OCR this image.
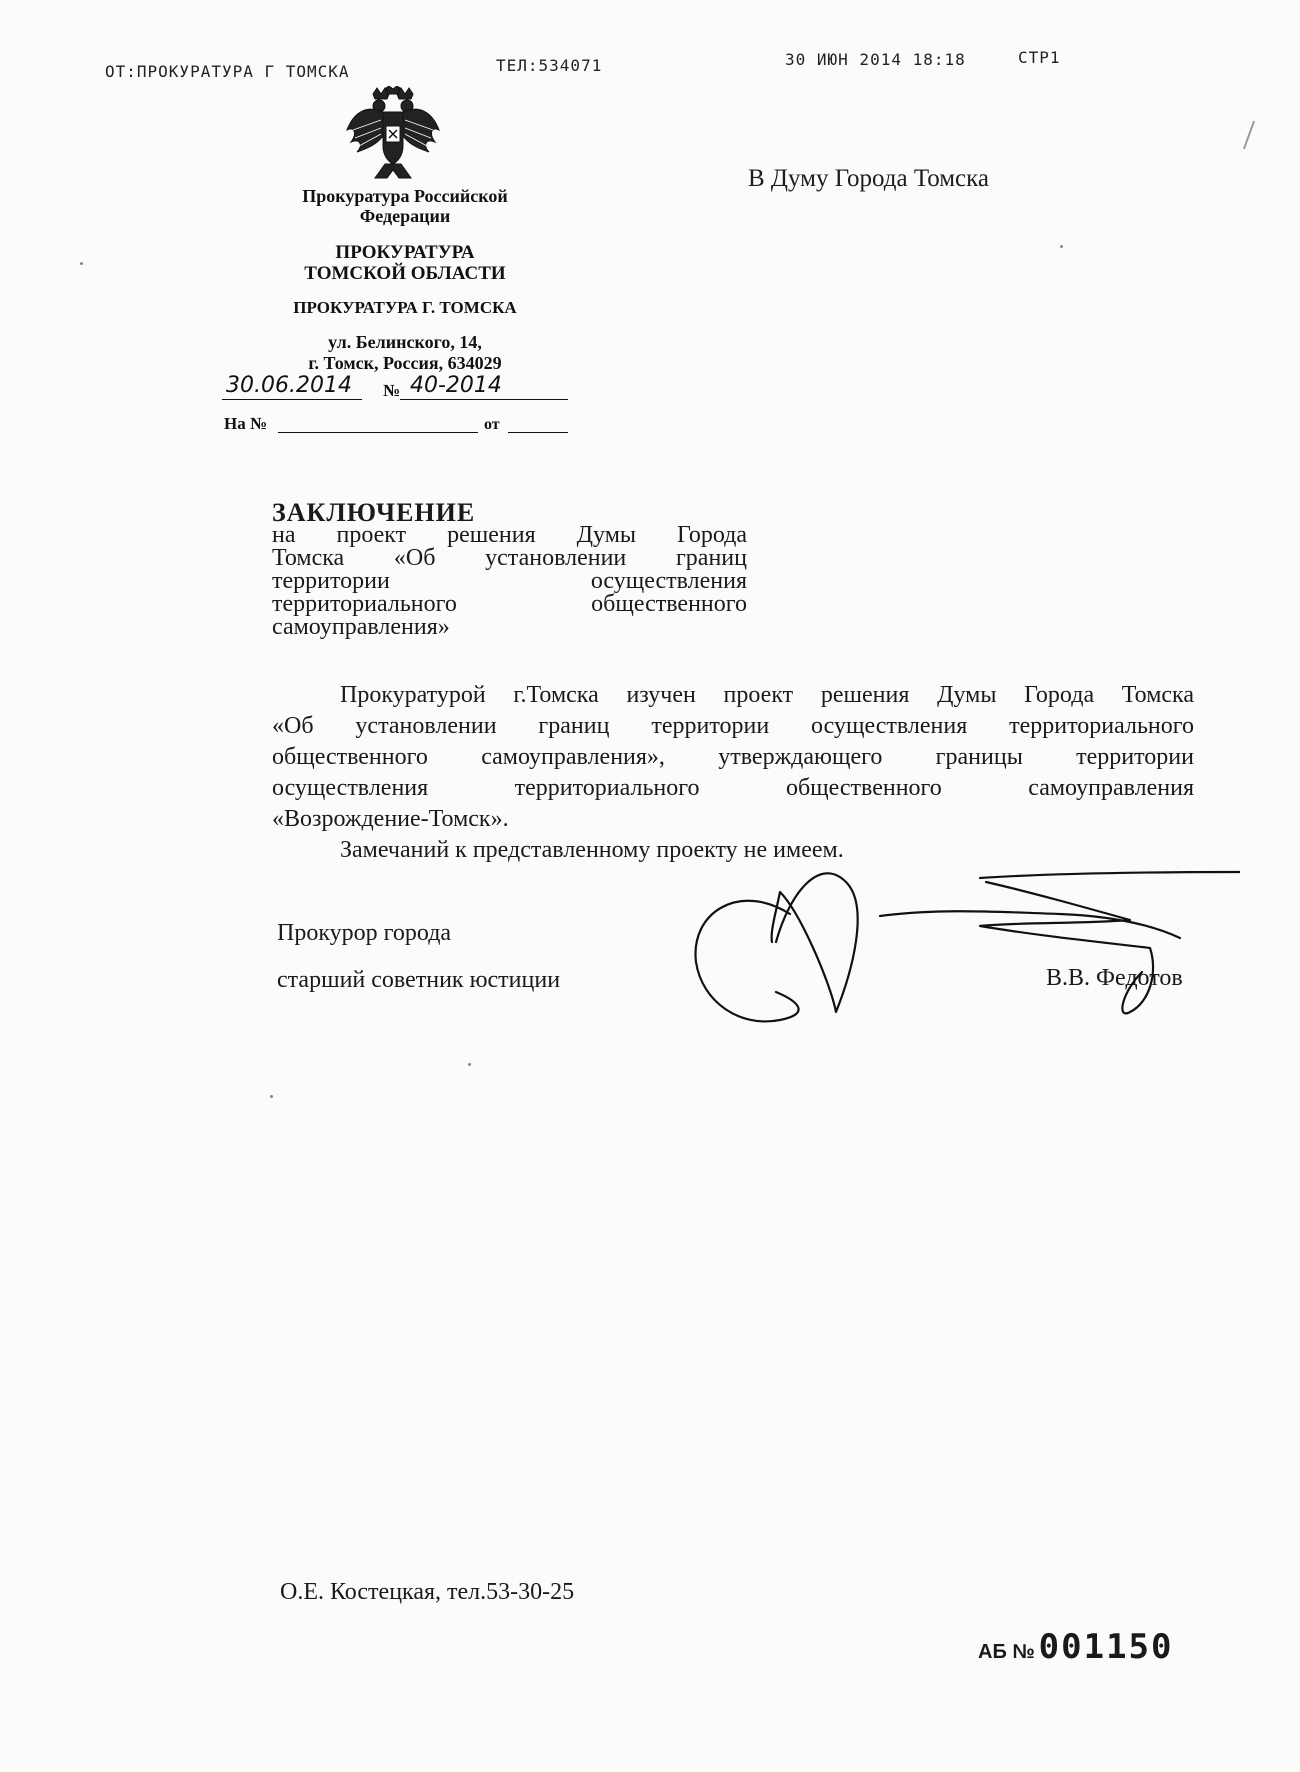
ОТ:ПРОКУРАТУРА Г ТОМСКА	ТЕЛ:534071	30 ИЮН 2014 18:18	СТР1
Прокуратура Российской
Федерации
ПРОКУРАТУРА
ТОМСКОЙ ОБЛАСТИ
ПРОКУРАТУРА Г. ТОМСКА
ул. Белинского, 14,
г. Томск, Россия, 634029
30.06.2014 № 40-2014
На №	от
В Думу Города Томска
ЗАКЛЮЧЕНИЕ
на проект решения Думы Города
Томска «Об установлении границ
территории осуществления
территориального общественного
самоуправления»
Прокуратурой г.Томска изучен проект решения Думы Города Томска
«Об установлении границ территории осуществления территориального
общественного самоуправления», утверждающего границы территории
осуществления территориального общественного самоуправления
«Возрождение-Томск».
Замечаний к представленному проекту не имеем.
Прокурор города
старший советник юстиции	В.В. Федотов
О.Е. Костецкая, тел.53-30-25
АБ № 001150
